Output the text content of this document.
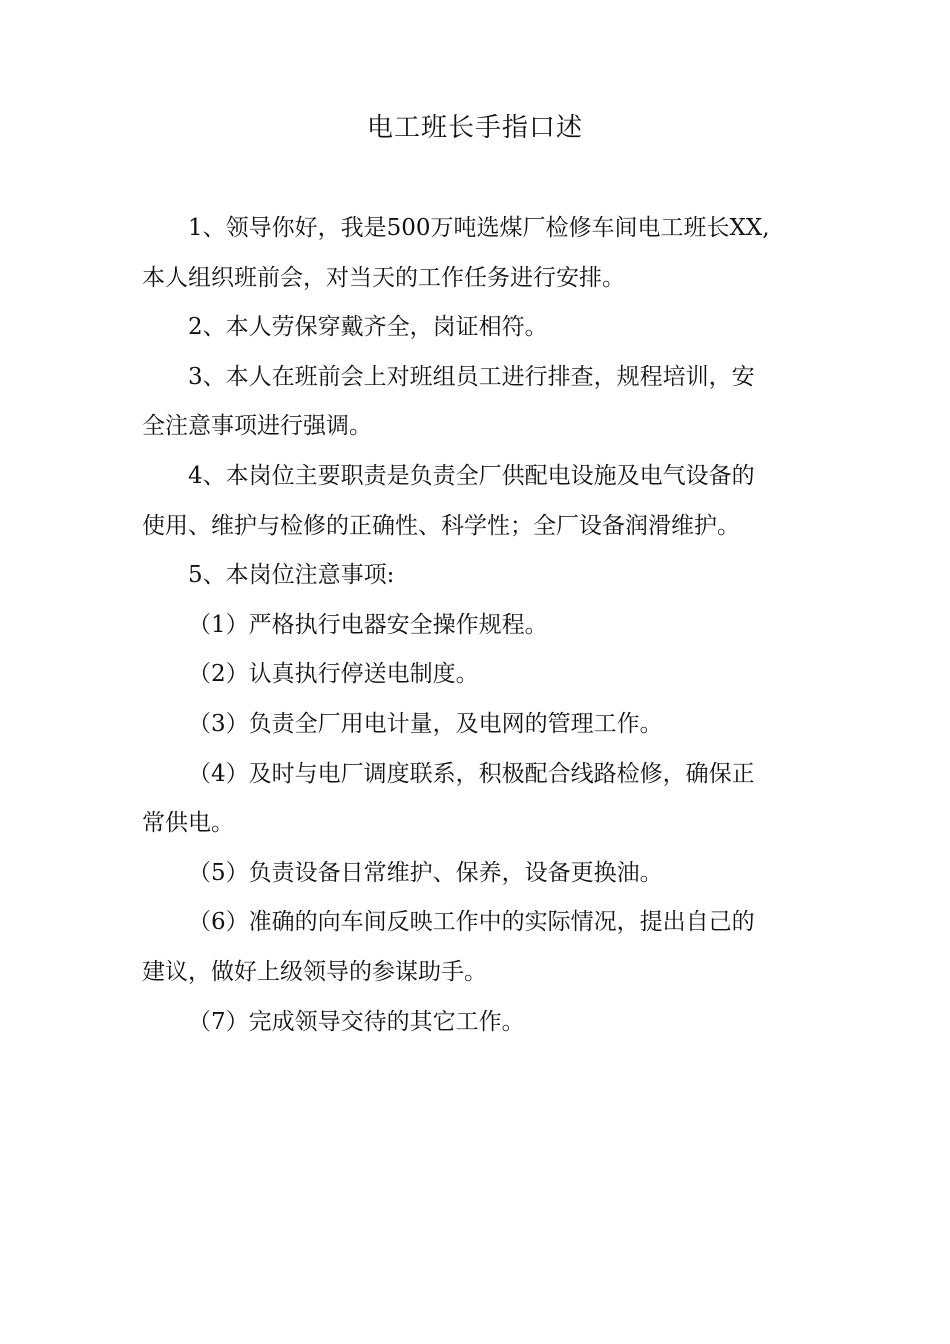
电工班长手指口述

1、领导你好，我是500万吨选煤厂检修车间电工班长XX,
本人组织班前会，对当天的工作任务进行安排。

2、本人劳保穿戴齐全，岗证相符。

3、本人在班前会上对班组员工进行排查，规程培训，安
全注意事项进行强调。

4、本岗位主要职责是负责全厂供配电设施及电气设备的
使用、维护与检修的正确性、科学性；全厂设备润滑维护。

5、本岗位注意事项:

（1）严格执行电器安全操作规程。

（2）认真执行停送电制度。

（3）负责全厂用电计量，及电网的管理工作。

（4）及时与电厂调度联系，积极配合线路检修，确保正
常供电。

（5）负责设备日常维护、保养，设备更换油。

（6）准确的向车间反映工作中的实际情况，提出自己的
建议，做好上级领导的参谋助手。

（7）完成领导交待的其它工作。
